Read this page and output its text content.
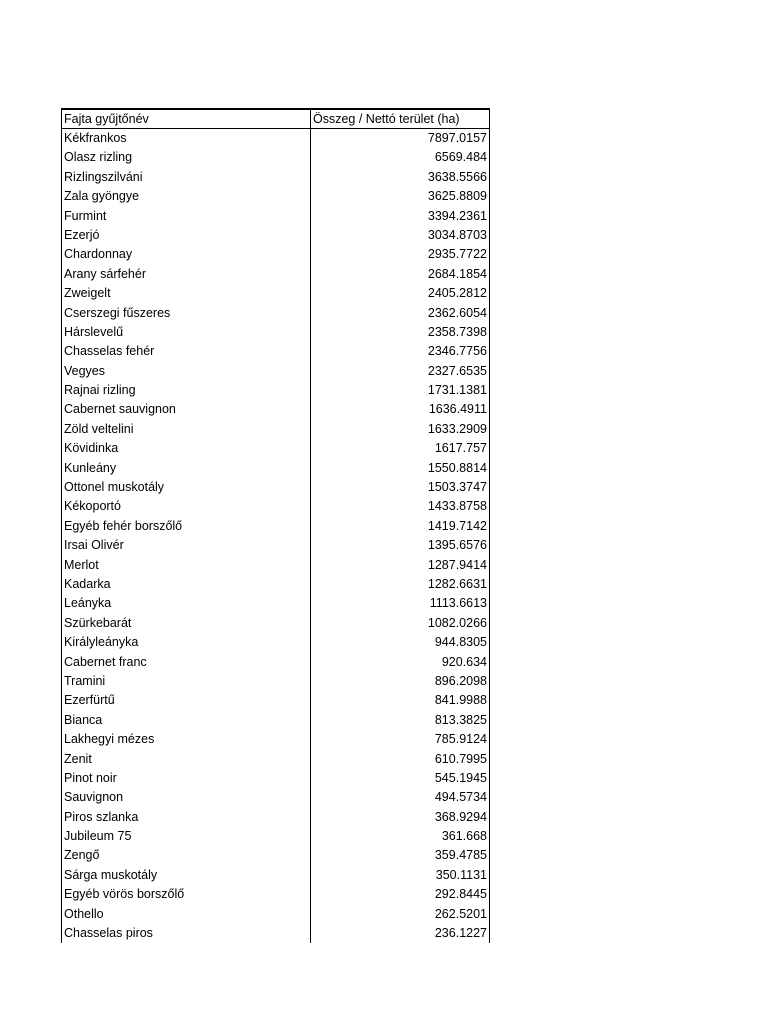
Fajta gyűjtőnév	Összeg / Nettó terület (ha)
Kékfrankos	7897.0157
Olasz rizling	6569.484
Rizlingszilváni	3638.5566
Zala gyöngye	3625.8809
Furmint	3394.2361
Ezerjó	3034.8703
Chardonnay	2935.7722
Arany sárfehér	2684.1854
Zweigelt	2405.2812
Cserszegi fűszeres	2362.6054
Hárslevelű	2358.7398
Chasselas fehér	2346.7756
Vegyes	2327.6535
Rajnai rizling	1731.1381
Cabernet sauvignon	1636.4911
Zöld veltelini	1633.2909
Kövidinka	1617.757
Kunleány	1550.8814
Ottonel muskotály	1503.3747
Kékoportó	1433.8758
Egyéb fehér borszőlő	1419.7142
Irsai Olivér	1395.6576
Merlot	1287.9414
Kadarka	1282.6631
Leányka	1113.6613
Szürkebarát	1082.0266
Királyleányka	944.8305
Cabernet franc	920.634
Tramini	896.2098
Ezerfürtű	841.9988
Bianca	813.3825
Lakhegyi mézes	785.9124
Zenit	610.7995
Pinot noir	545.1945
Sauvignon	494.5734
Piros szlanka	368.9294
Jubileum 75	361.668
Zengő	359.4785
Sárga muskotály	350.1131
Egyéb vörös borszőlő	292.8445
Othello	262.5201
Chasselas piros	236.1227
